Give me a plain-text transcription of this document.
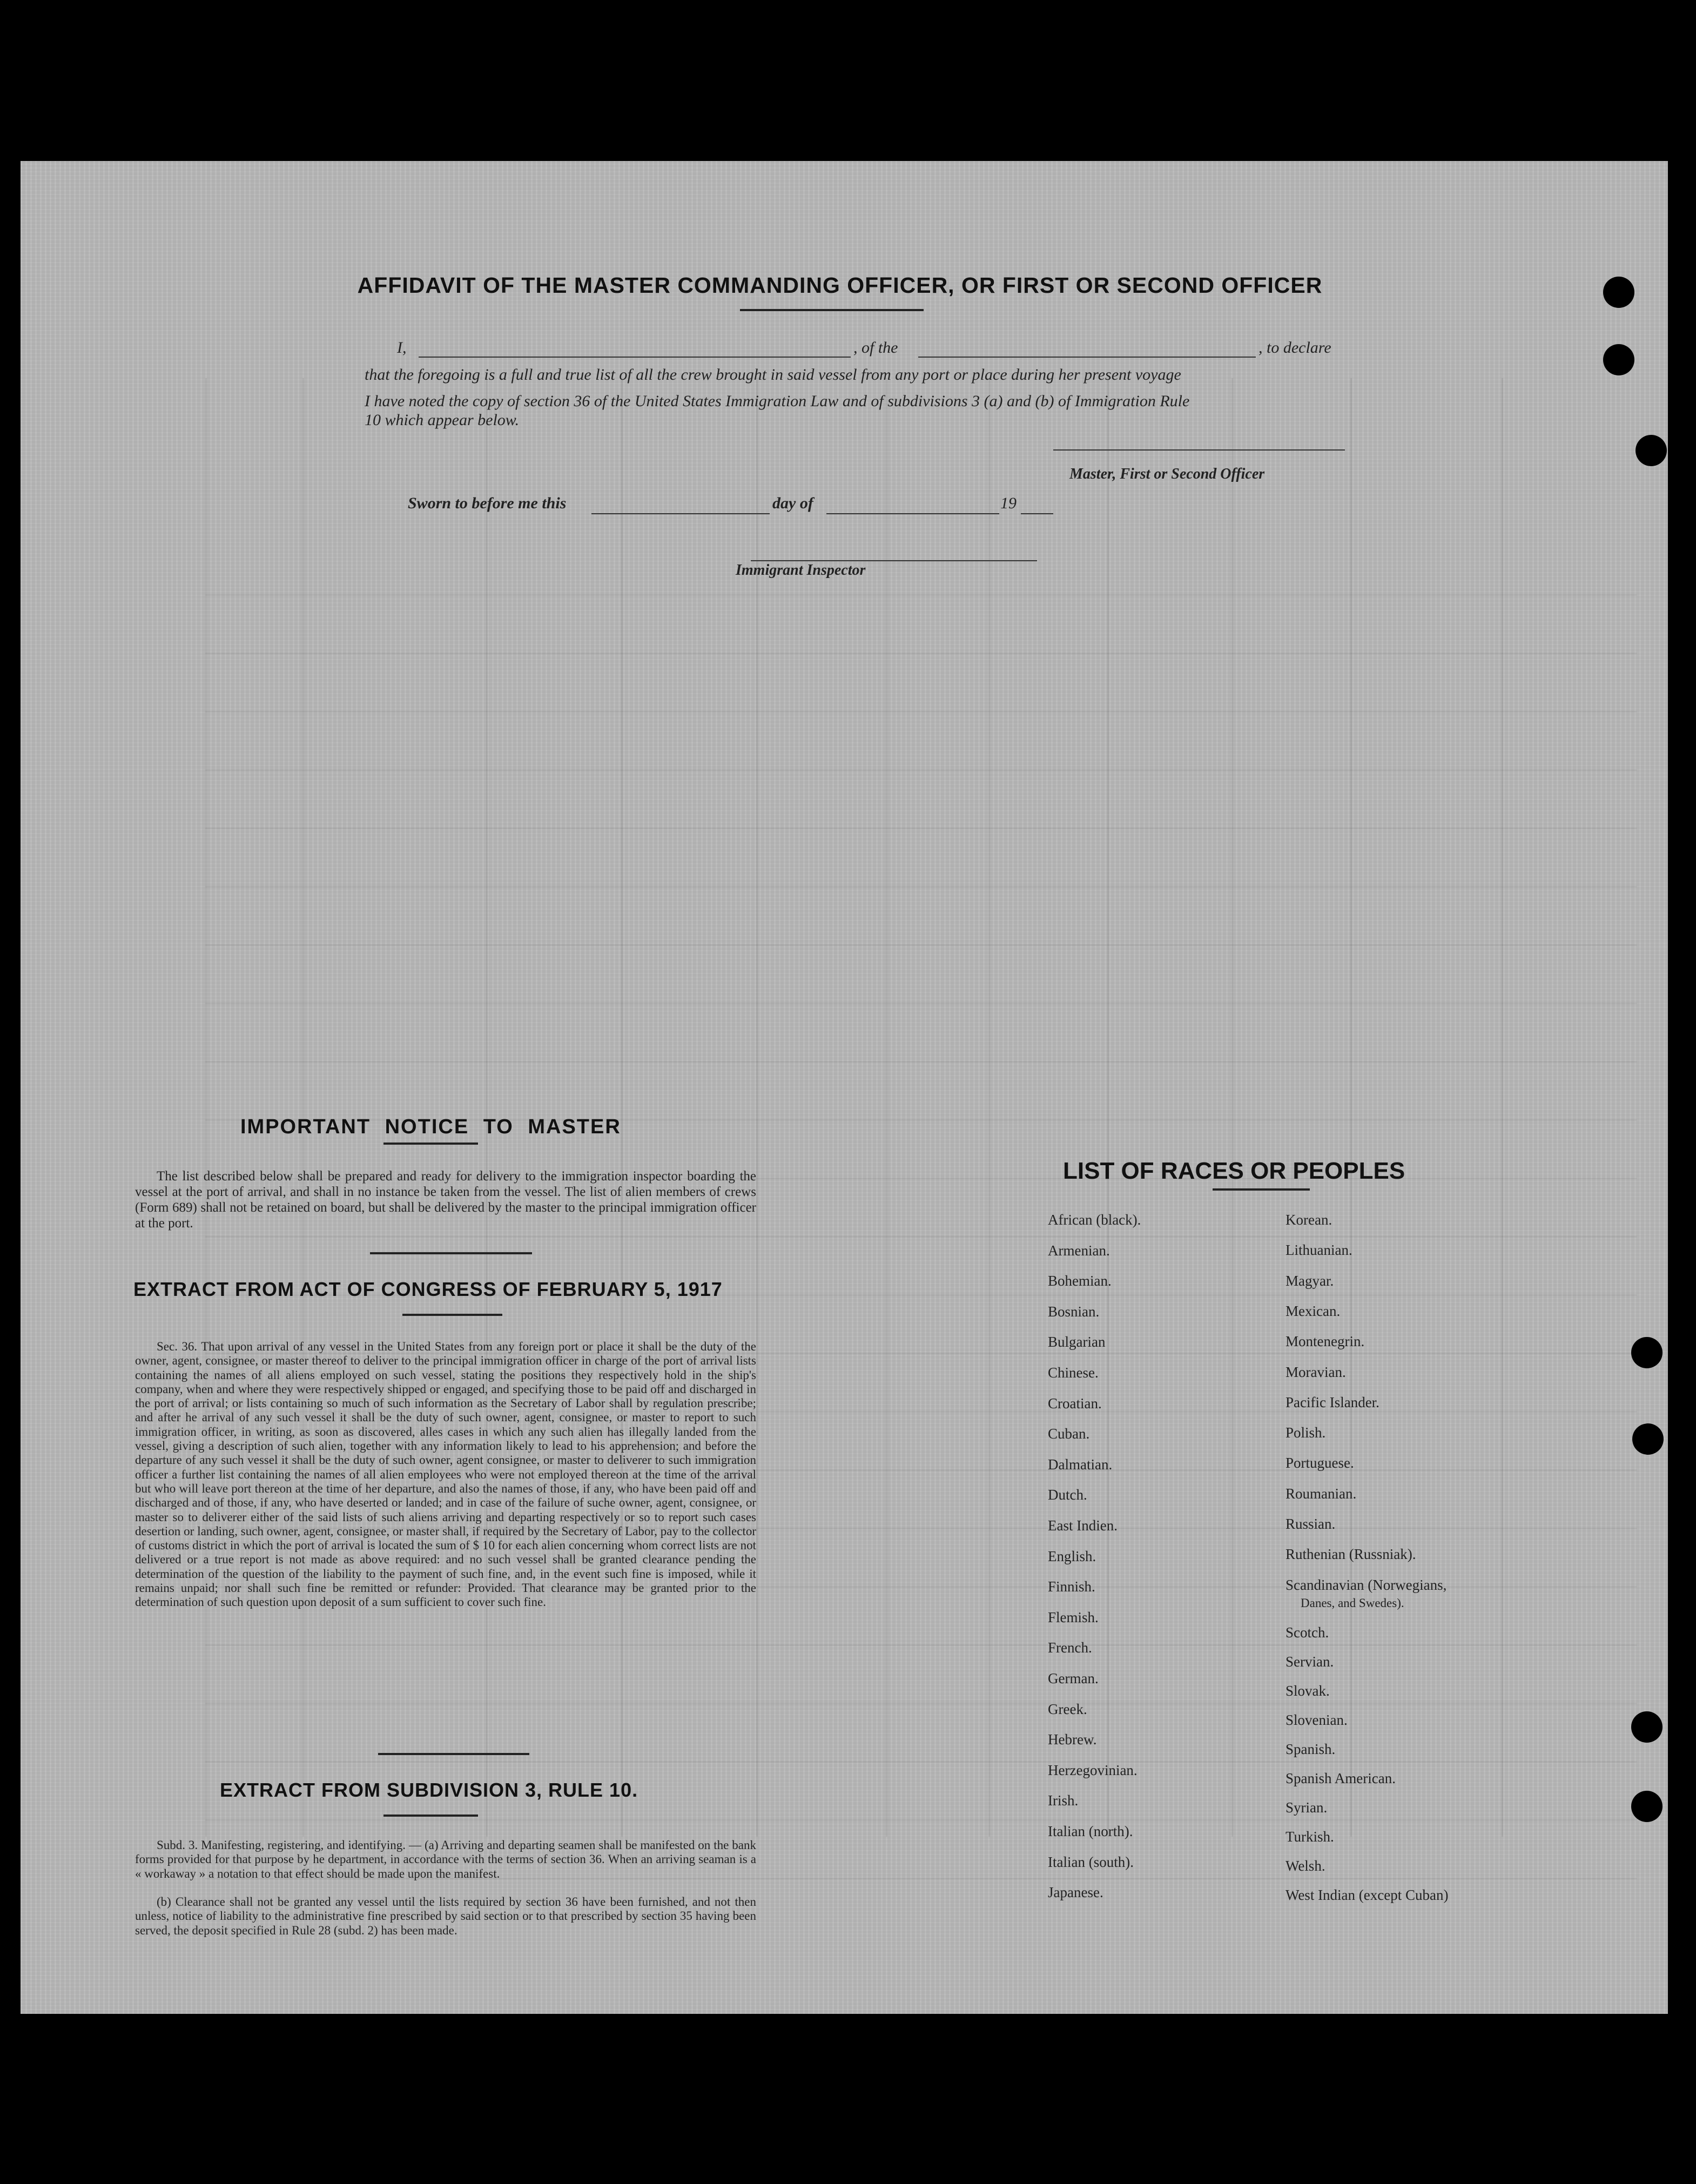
AFFIDAVIT OF THE MASTER COMMANDING OFFICER, OR FIRST OR SECOND OFFICER
I,	, of the	, to declare
that the foregoing is a full and true list of all the crew brought in said vessel from any port or place during her present voyage
I have noted the copy of section 36 of the United States Immigration Law and of subdivisions 3 (a) and (b) of Immigration Rule
10 which appear below.
Master, First or Second Officer
Sworn to before me this	day of	19
Immigrant Inspector
IMPORTANT NOTICE TO MASTER
The list described below shall be prepared and ready for delivery to the immigration inspector boarding the vessel at the port of arrival, and shall in no instance be taken from the vessel. The list of alien members of crews (Form 689) shall not be retained on board, but shall be delivered by the master to the principal immigration officer at the port.
EXTRACT FROM ACT OF CONGRESS OF FEBRUARY 5, 1917
Sec. 36. That upon arrival of any vessel in the United States from any foreign port or place it shall be the duty of the owner, agent, consignee, or master thereof to deliver to the principal immigration officer in charge of the port of arrival lists containing the names of all aliens employed on such vessel, stating the positions they respectively hold in the ship's company, when and where they were respectively shipped or engaged, and specifying those to be paid off and discharged in the port of arrival; or lists containing so much of such information as the Secretary of Labor shall by regulation prescribe; and after he arrival of any such vessel it shall be the duty of such owner, agent, consignee, or master to report to such immigration officer, in writing, as soon as discovered, alles cases in which any such alien has illegally landed from the vessel, giving a description of such alien, together with any information likely to lead to his apprehension; and before the departure of any such vessel it shall be the duty of such owner, agent consignee, or master to deliverer to such immigration officer a further list containing the names of all alien employees who were not employed thereon at the time of the arrival but who will leave port thereon at the time of her departure, and also the names of those, if any, who have been paid off and discharged and of those, if any, who have deserted or landed; and in case of the failure of suche owner, agent, consignee, or master so to deliverer either of the said lists of such aliens arriving and departing respectively or so to report such cases desertion or landing, such owner, agent, consignee, or master shall, if required by the Secretary of Labor, pay to the collector of customs district in which the port of arrival is located the sum of $ 10 for each alien concerning whom correct lists are not delivered or a true report is not made as above required: and no such vessel shall be granted clearance pending the determination of the question of the liability to the payment of such fine, and, in the event such fine is imposed, while it remains unpaid; nor shall such fine be remitted or refunder: Provided. That clearance may be granted prior to the determination of such question upon deposit of a sum sufficient to cover such fine.
EXTRACT FROM SUBDIVISION 3, RULE 10.
Subd. 3. Manifesting, registering, and identifying. — (a) Arriving and departing seamen shall be manifested on the bank forms provided for that purpose by he department, in accordance with the terms of section 36. When an arriving seaman is a « workaway » a notation to that effect should be made upon the manifest.
(b) Clearance shall not be granted any vessel until the lists required by section 36 have been furnished, and not then unless, notice of liability to the administrative fine prescribed by said section or to that prescribed by section 35 having been served, the deposit specified in Rule 28 (subd. 2) has been made.
LIST OF RACES OR PEOPLES
African (black).
Armenian.
Bohemian.
Bosnian.
Bulgarian
Chinese.
Croatian.
Cuban.
Dalmatian.
Dutch.
East Indien.
English.
Finnish.
Flemish.
French.
German.
Greek.
Hebrew.
Herzegovinian.
Irish.
Italian (north).
Italian (south).
Japanese.
Korean.
Lithuanian.
Magyar.
Mexican.
Montenegrin.
Moravian.
Pacific Islander.
Polish.
Portuguese.
Roumanian.
Russian.
Ruthenian (Russniak).
Scandinavian (Norwegians,
Danes, and Swedes).
Scotch.
Servian.
Slovak.
Slovenian.
Spanish.
Spanish American.
Syrian.
Turkish.
Welsh.
West Indian (except Cuban)
